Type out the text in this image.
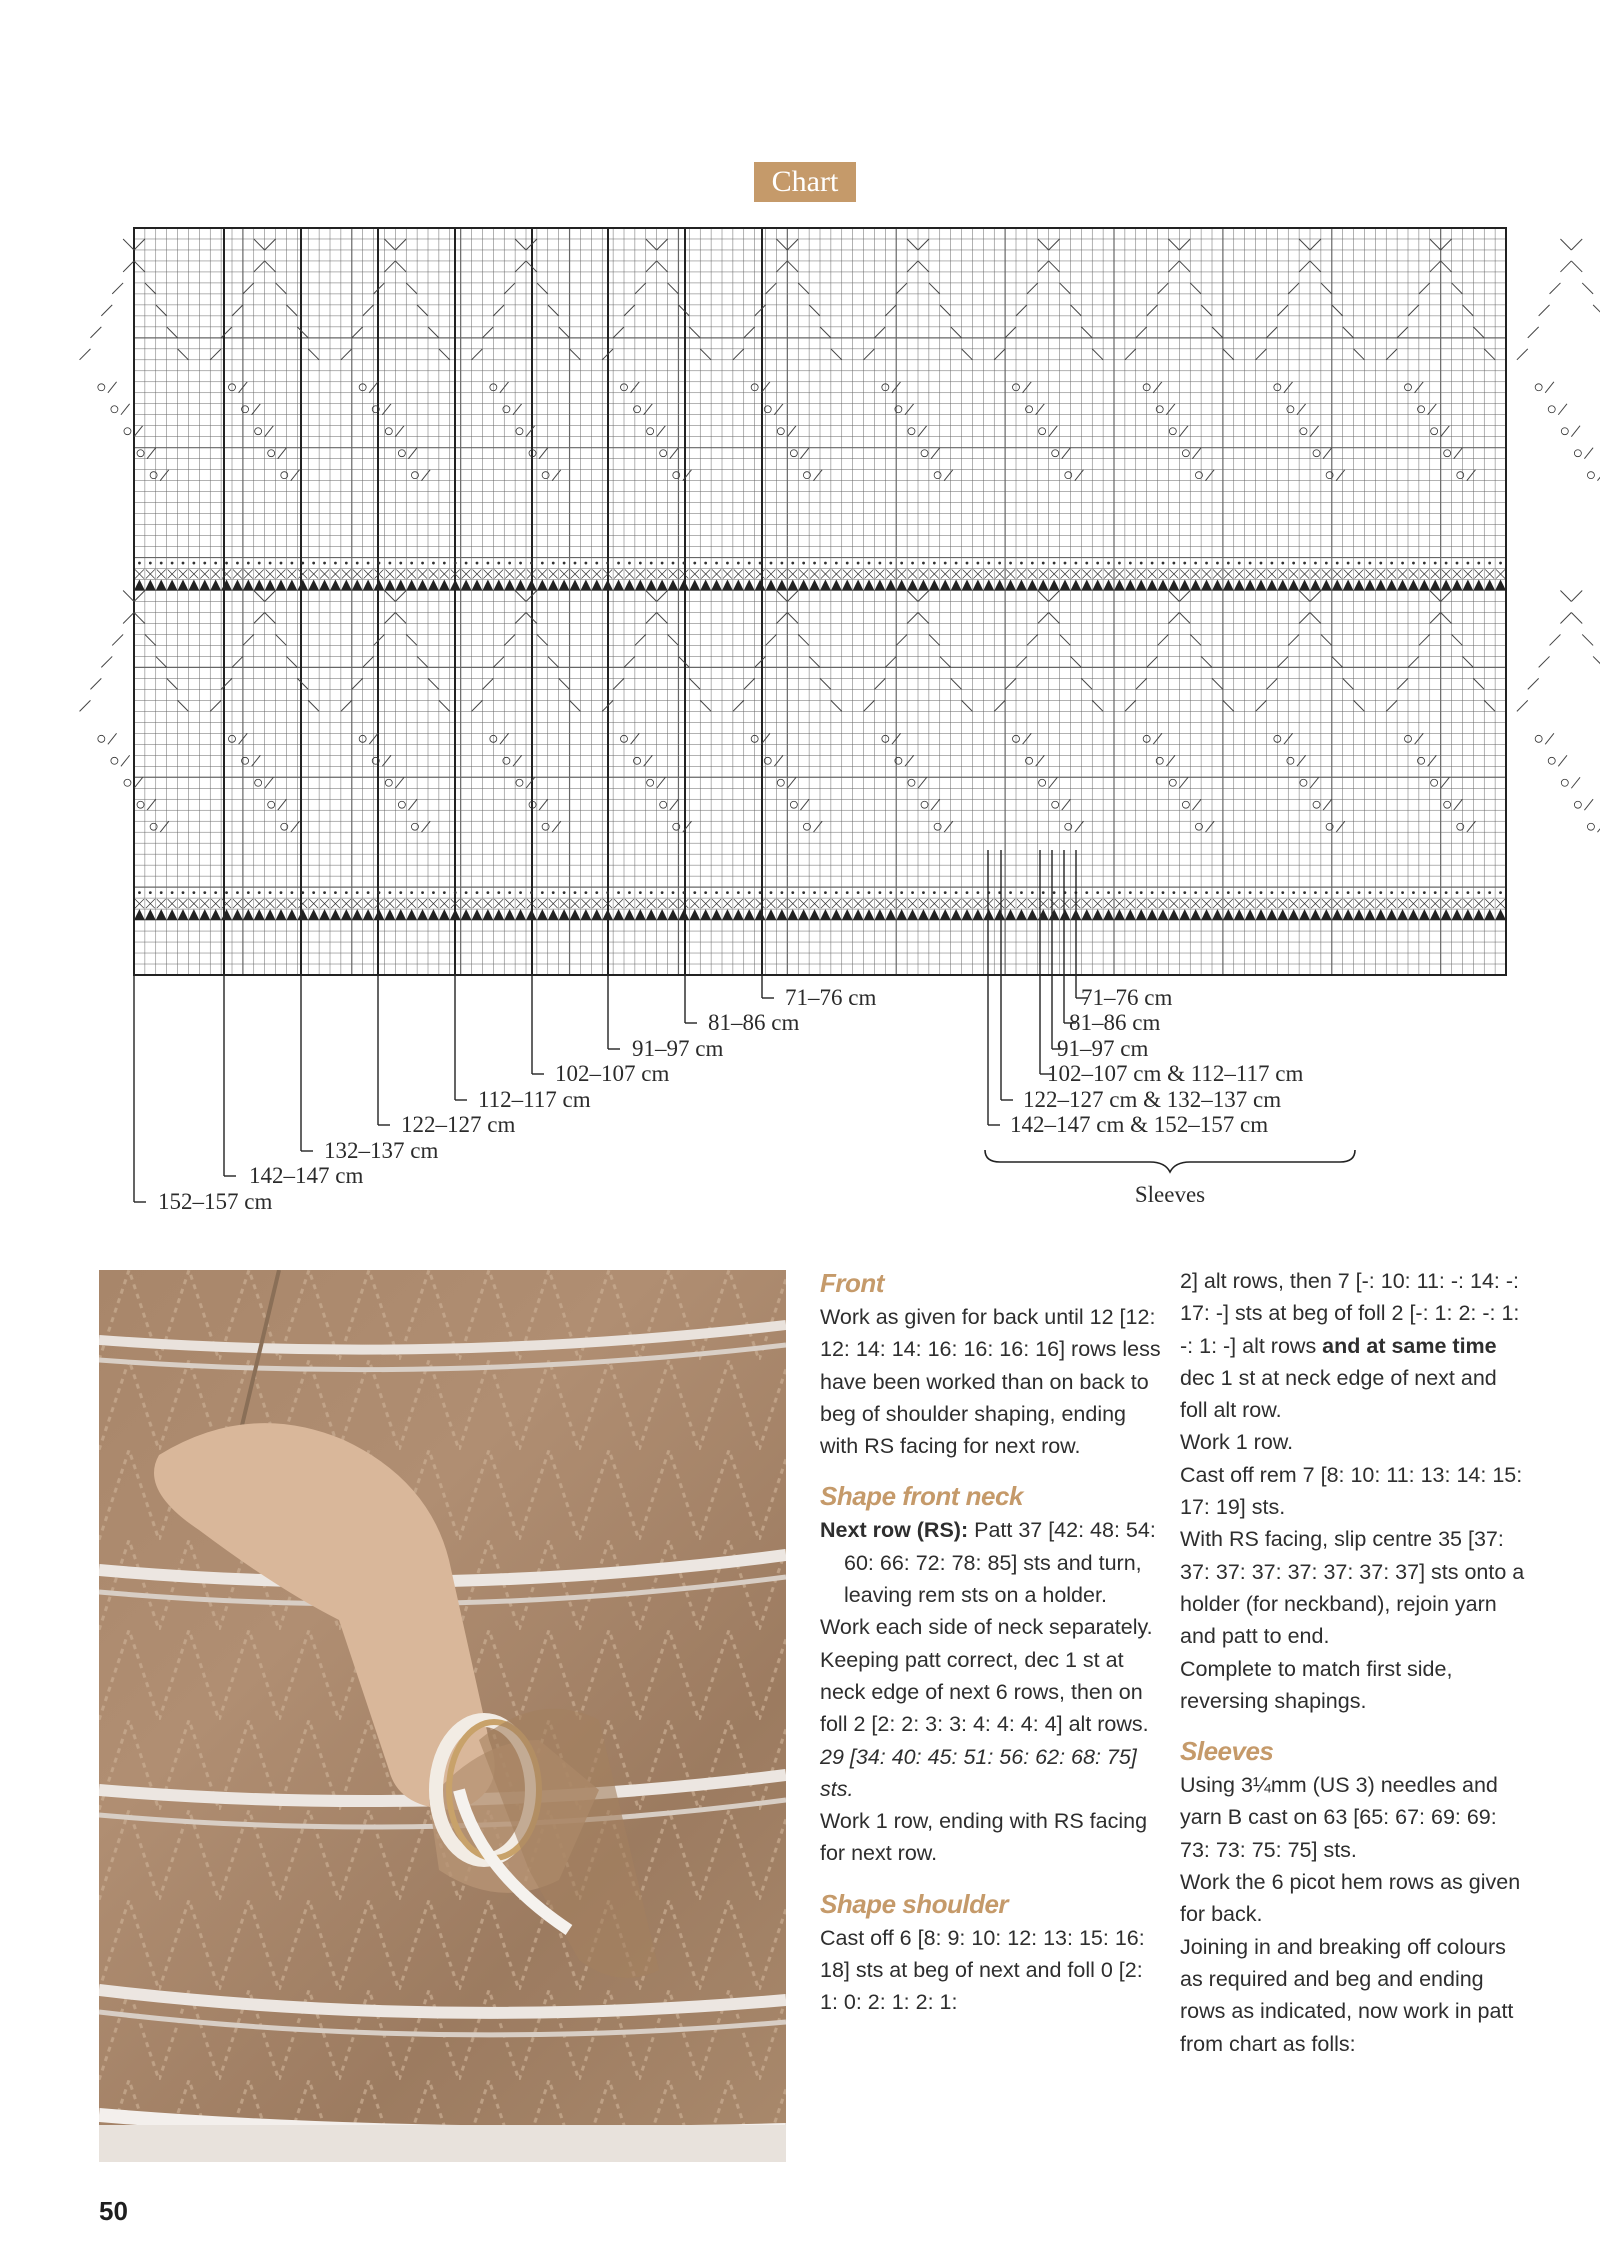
Chart
71–76 cm
81–86 cm
91–97 cm
102–107 cm
112–117 cm
122–127 cm
132–137 cm
142–147 cm
152–157 cm
71–76 cm
81–86 cm
91–97 cm
102–107 cm & 112–117 cm
122–127 cm & 132–137 cm
142–147 cm & 152–157 cm
Sleeves
Front

Work as given for back until 12 [12: 12: 14: 14: 16: 16: 16: 16] rows less have been worked than on back to beg of shoulder shaping, ending with RS facing for next row.

Shape front neck

Next row (RS): Patt 37 [42: 48: 54: 60: 66: 72: 78: 85] sts and turn, leaving rem sts on a holder.

Work each side of neck separately.

Keeping patt correct, dec 1 st at neck edge of next 6 rows, then on foll 2 [2: 2: 3: 3: 4: 4: 4: 4] alt rows. 29 [34: 40: 45: 51: 56: 62: 68: 75] sts.

Work 1 row, ending with RS facing for next row.

Shape shoulder

Cast off 6 [8: 9: 10: 12: 13: 15: 16: 18] sts at beg of next and foll 0 [2: 1: 0: 2: 1: 2: 1:

2] alt rows, then 7 [-: 10: 11: -: 14: -: 17: -] sts at beg of foll 2 [-: 1: 2: -: 1: -: 1: -] alt rows and at same time dec 1 st at neck edge of next and foll alt row.

Work 1 row.

Cast off rem 7 [8: 10: 11: 13: 14: 15: 17: 19] sts.

With RS facing, slip centre 35 [37: 37: 37: 37: 37: 37: 37: 37] sts onto a holder (for neckband), rejoin yarn and patt to end.

Complete to match first side, reversing shapings.

Sleeves

Using 3¼mm (US 3) needles and yarn B cast on 63 [65: 67: 69: 69: 73: 73: 75: 75] sts.

Work the 6 picot hem rows as given for back.

Joining in and breaking off colours as required and beg and ending rows as indicated, now work in patt from chart as folls:

50
